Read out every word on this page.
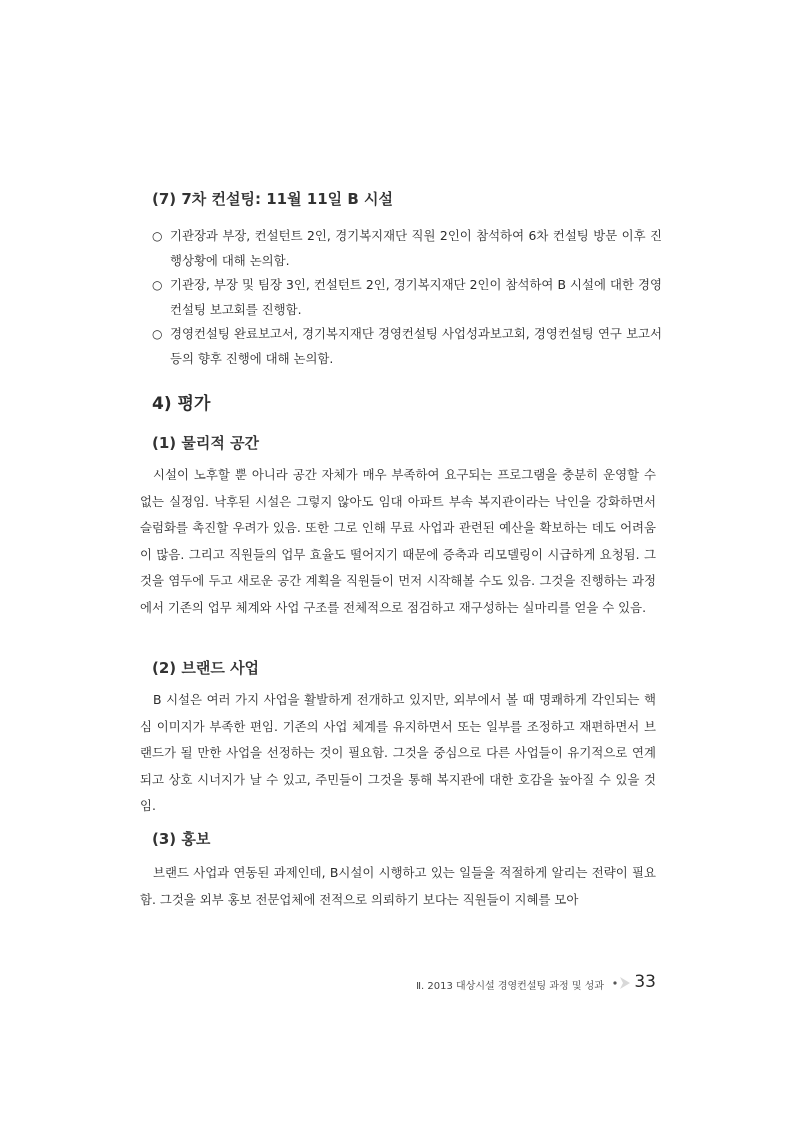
(7) 7차 컨설팅: 11월 11일 B 시설
○ 기관장과 부장, 컨설턴트 2인, 경기복지재단 직원 2인이 참석하여 6차 컨설팅 방문 이후 진행상황에 대해 논의함.
○ 기관장, 부장 및 팀장 3인, 컨설턴트 2인, 경기복지재단 2인이 참석하여 B 시설에 대한 경영컨설팅 보고회를 진행함.
○ 경영컨설팅 완료보고서, 경기복지재단 경영컨설팅 사업성과보고회, 경영컨설팅 연구 보고서 등의 향후 진행에 대해 논의함.
4) 평가
(1) 물리적 공간

시설이 노후할 뿐 아니라 공간 자체가 매우 부족하여 요구되는 프로그램을 충분히 운영할 수 없는 실정임. 낙후된 시설은 그렇지 않아도 임대 아파트 부속 복지관이라는 낙인을 강화하면서 슬럼화를 촉진할 우려가 있음. 또한 그로 인해 무료 사업과 관련된 예산을 확보하는 데도 어려움이 많음. 그리고 직원들의 업무 효율도 떨어지기 때문에 증축과 리모델링이 시급하게 요청됨. 그것을 염두에 두고 새로운 공간 계획을 직원들이 먼저 시작해볼 수도 있음. 그것을 진행하는 과정에서 기존의 업무 체계와 사업 구조를 전체적으로 점검하고 재구성하는 실마리를 얻을 수 있음.

(2) 브랜드 사업

B 시설은 여러 가지 사업을 활발하게 전개하고 있지만, 외부에서 볼 때 명쾌하게 각인되는 핵심 이미지가 부족한 편임. 기존의 사업 체계를 유지하면서 또는 일부를 조정하고 재편하면서 브랜드가 될 만한 사업을 선정하는 것이 필요함. 그것을 중심으로 다른 사업들이 유기적으로 연계되고 상호 시너지가 날 수 있고, 주민들이 그것을 통해 복지관에 대한 호감을 높아질 수 있을 것임.

(3) 홍보

브랜드 사업과 연동된 과제인데, B시설이 시행하고 있는 일들을 적절하게 알리는 전략이 필요함. 그것을 외부 홍보 전문업체에 전적으로 의뢰하기 보다는 직원들이 지혜를 모아

Ⅱ. 2013 대상시설 경영컨설팅 과정 및 성과 33
